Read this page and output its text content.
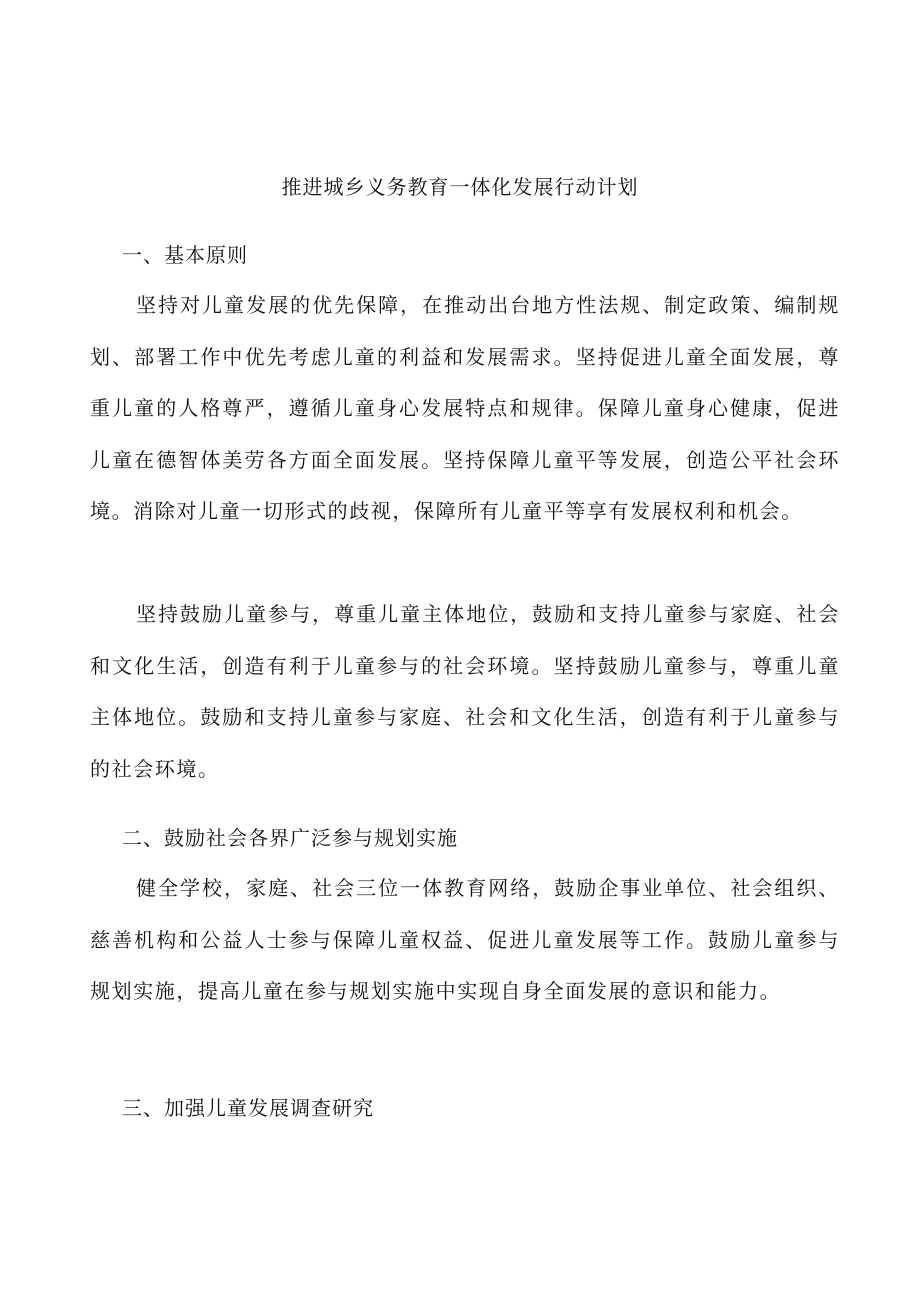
推进城乡义务教育一体化发展行动计划
一、基本原则

坚持对儿童发展的优先保障，在推动出台地方性法规、制定政策、编制规划、部署工作中优先考虑儿童的利益和发展需求。坚持促进儿童全面发展，尊重儿童的人格尊严，遵循儿童身心发展特点和规律。保障儿童身心健康，促进儿童在德智体美劳各方面全面发展。坚持保障儿童平等发展，创造公平社会环境。消除对儿童一切形式的歧视，保障所有儿童平等享有发展权利和机会。

坚持鼓励儿童参与，尊重儿童主体地位，鼓励和支持儿童参与家庭、社会和文化生活，创造有利于儿童参与的社会环境。坚持鼓励儿童参与，尊重儿童主体地位。鼓励和支持儿童参与家庭、社会和文化生活，创造有利于儿童参与的社会环境。

二、鼓励社会各界广泛参与规划实施

健全学校，家庭、社会三位一体教育网络，鼓励企事业单位、社会组织、慈善机构和公益人士参与保障儿童权益、促进儿童发展等工作。鼓励儿童参与规划实施，提高儿童在参与规划实施中实现自身全面发展的意识和能力。

三、加强儿童发展调查研究
